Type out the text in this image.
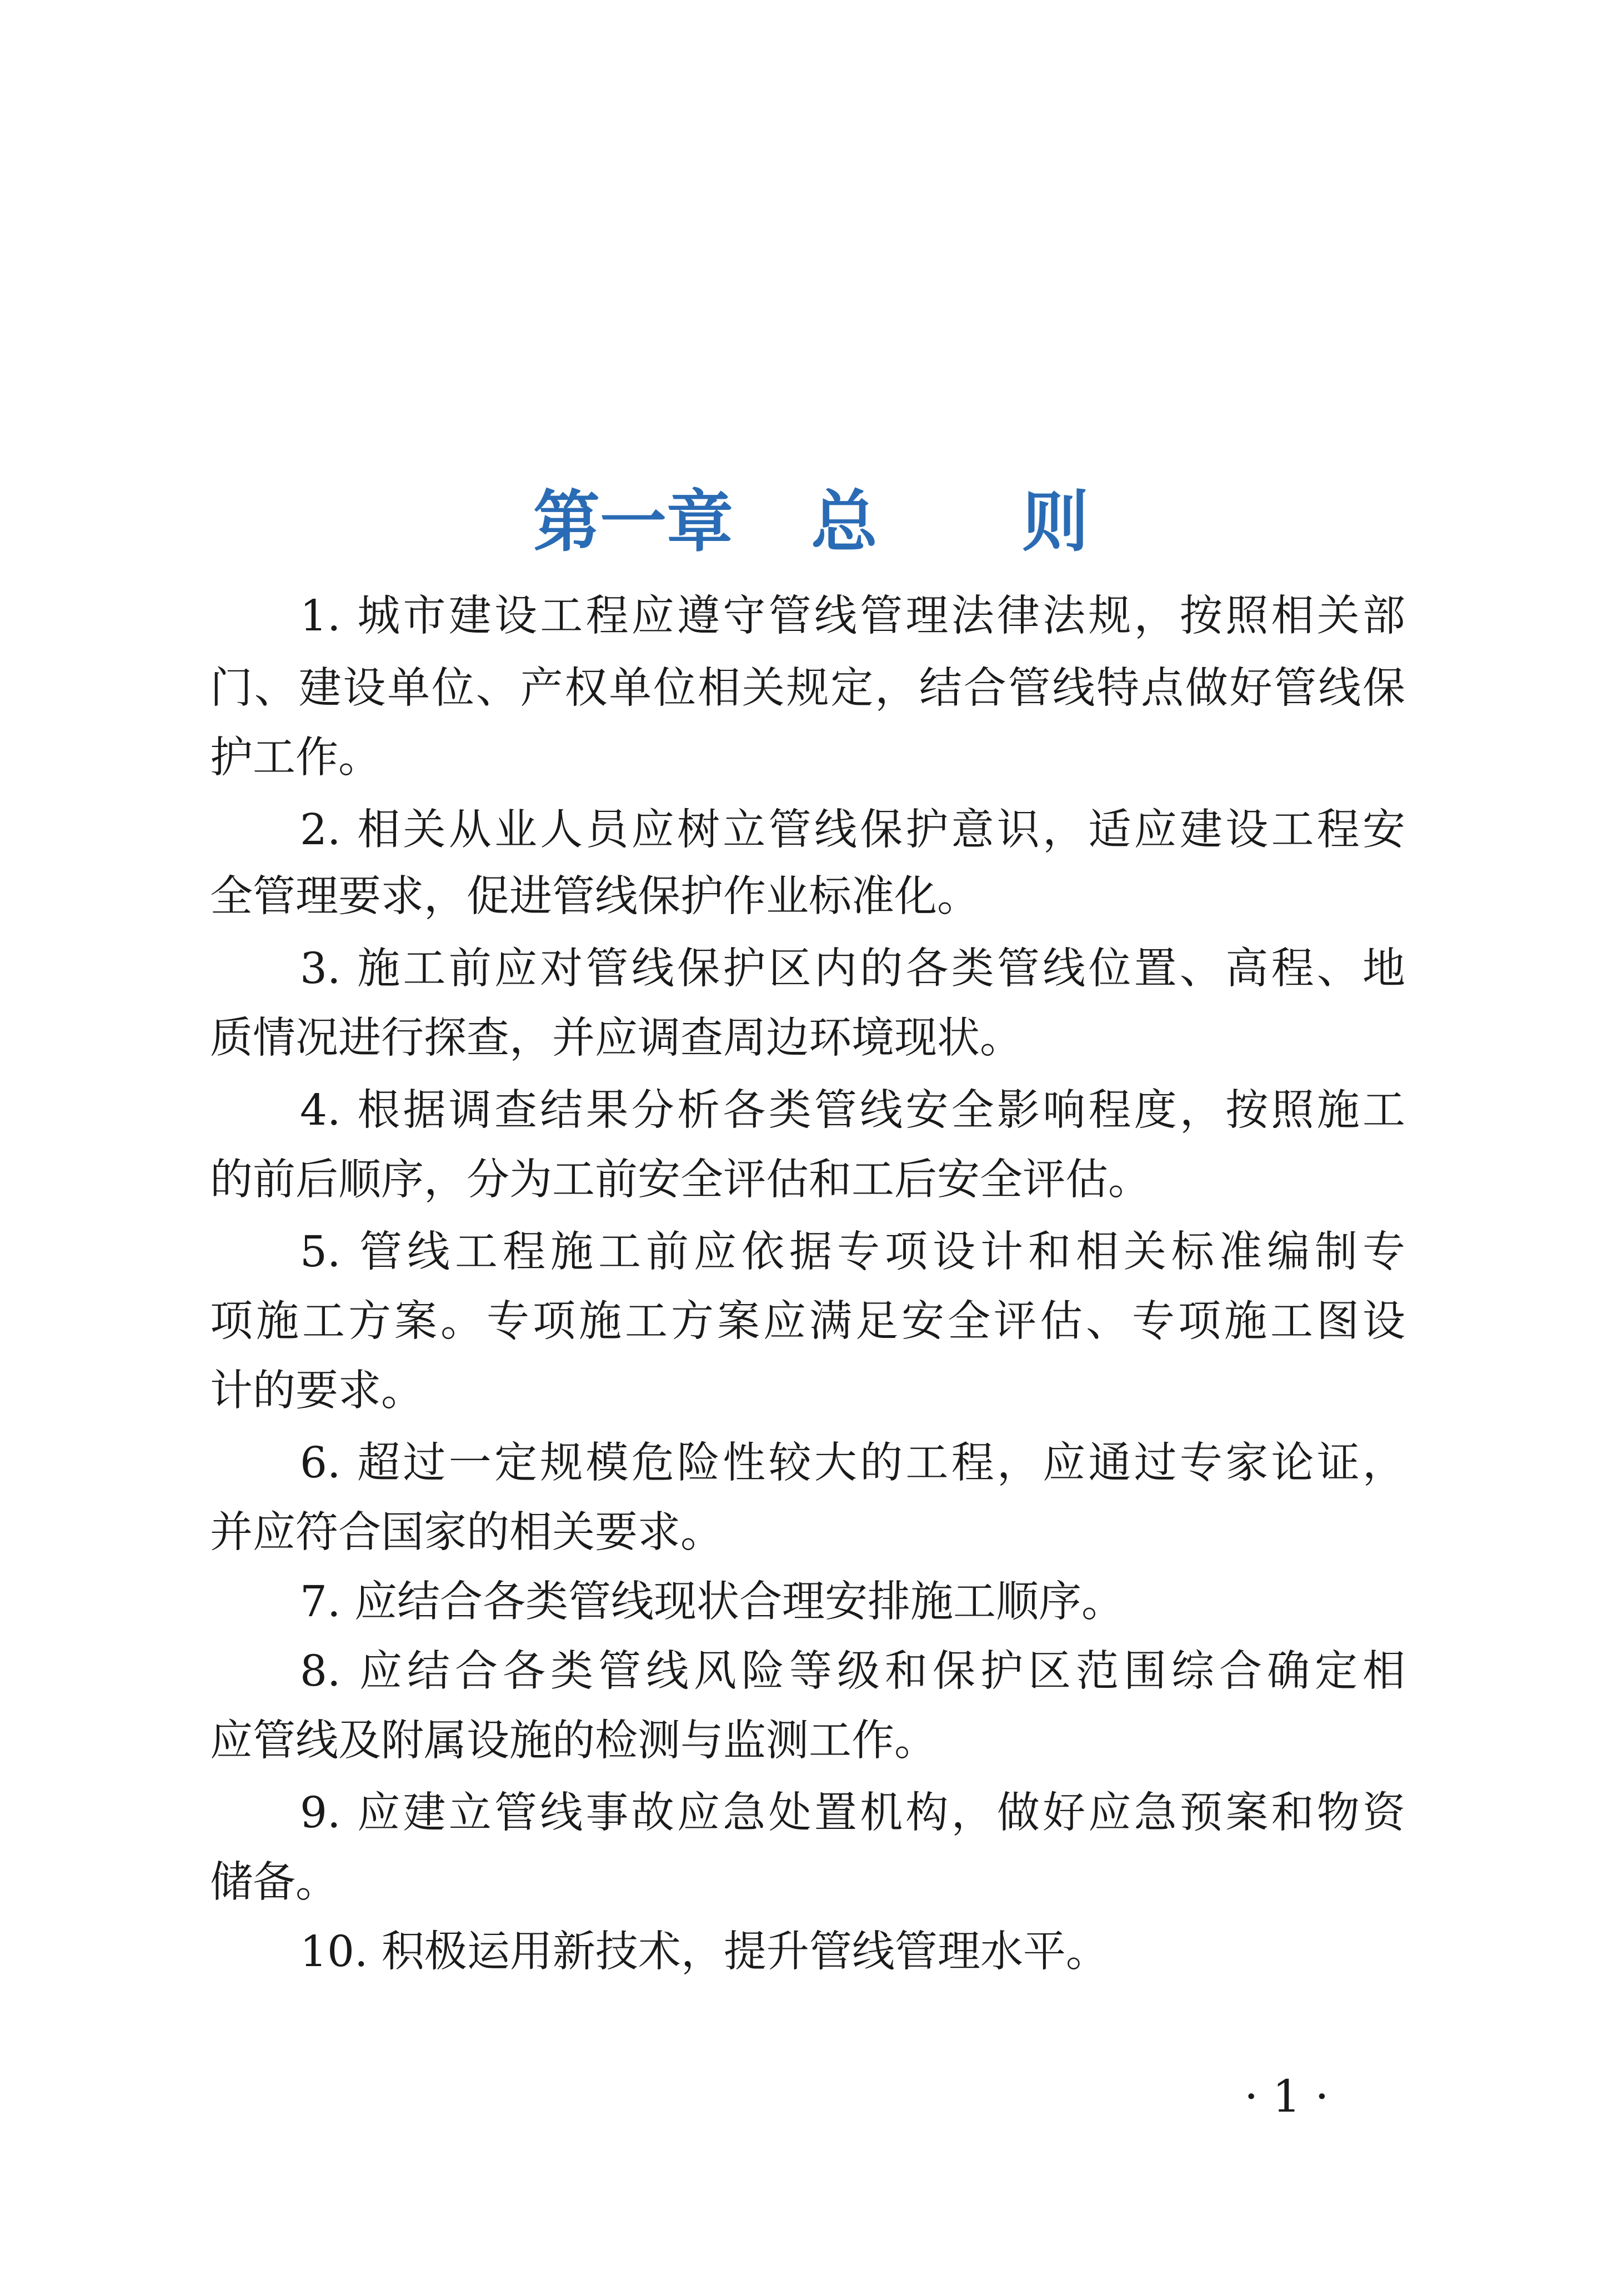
第一章 总 则
1. 城市建设工程应遵守管线管理法律法规，按照相关部
门、建设单位、产权单位相关规定，结合管线特点做好管线保
护工作。
2. 相关从业人员应树立管线保护意识，适应建设工程安
全管理要求，促进管线保护作业标准化。
3. 施工前应对管线保护区内的各类管线位置、高程、地
质情况进行探查，并应调查周边环境现状。
4. 根据调查结果分析各类管线安全影响程度，按照施工
的前后顺序，分为工前安全评估和工后安全评估。
5. 管线工程施工前应依据专项设计和相关标准编制专
项施工方案。专项施工方案应满足安全评估、专项施工图设
计的要求。
6. 超过一定规模危险性较大的工程，应通过专家论证，
并应符合国家的相关要求。
7. 应结合各类管线现状合理安排施工顺序。
8. 应结合各类管线风险等级和保护区范围综合确定相
应管线及附属设施的检测与监测工作。
9. 应建立管线事故应急处置机构，做好应急预案和物资
储备。
10. 积极运用新技术，提升管线管理水平。
· 1 ·
